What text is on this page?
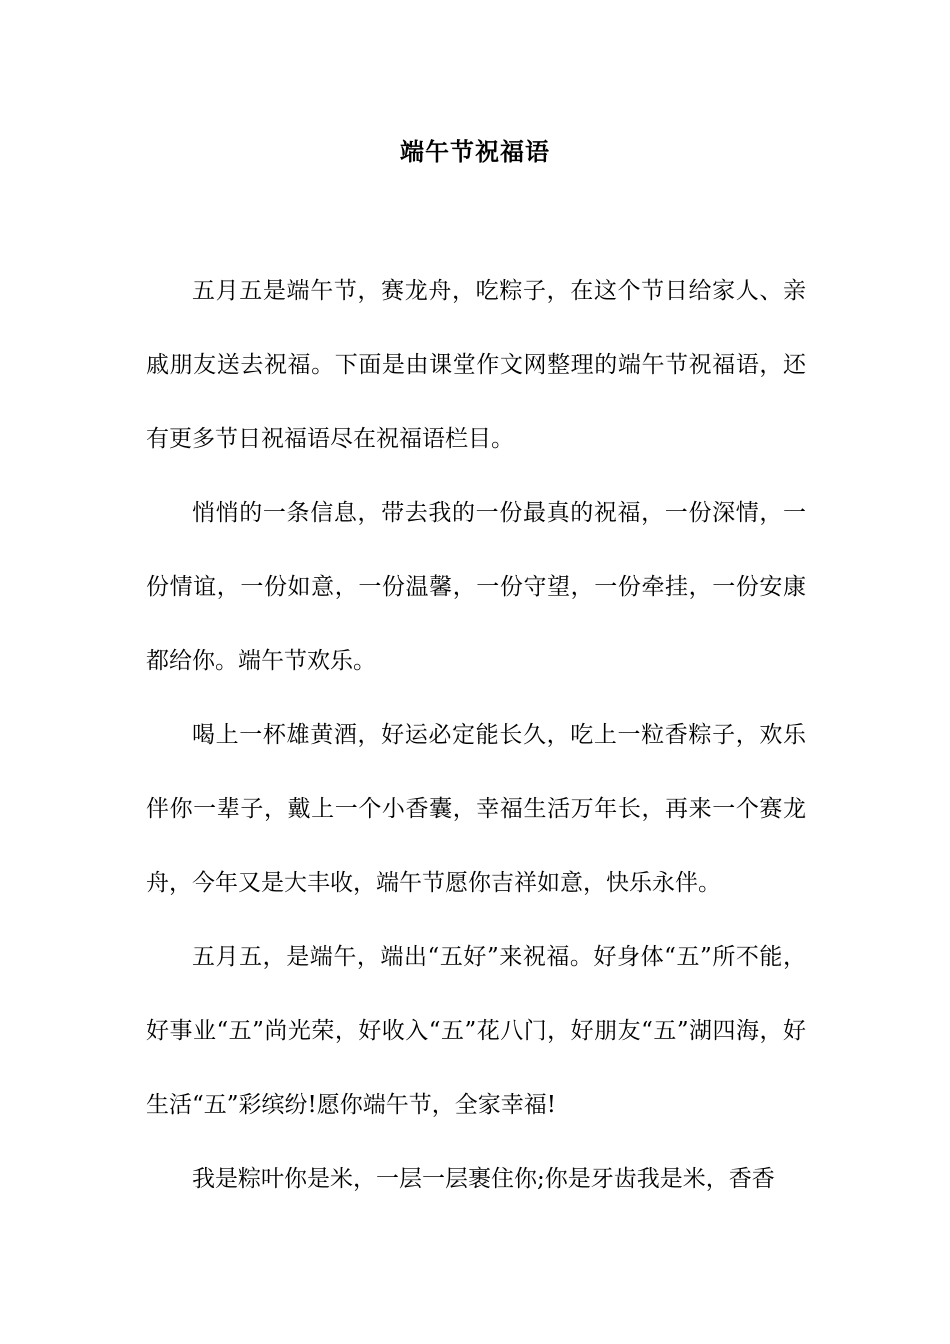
端午节祝福语

五月五是端午节，赛龙舟，吃粽子，在这个节日给家人、亲戚朋友送去祝福。下面是由课堂作文网整理的端午节祝福语，还有更多节日祝福语尽在祝福语栏目。

悄悄的一条信息，带去我的一份最真的祝福，一份深情，一份情谊，一份如意，一份温馨，一份守望，一份牵挂，一份安康都给你。端午节欢乐。

喝上一杯雄黄酒，好运必定能长久，吃上一粒香粽子，欢乐伴你一辈子，戴上一个小香囊，幸福生活万年长，再来一个赛龙舟，今年又是大丰收，端午节愿你吉祥如意，快乐永伴。

五月五，是端午，端出“五好”来祝福。好身体“五”所不能，好事业“五”尚光荣，好收入“五”花八门，好朋友“五”湖四海，好生活“五”彩缤纷!愿你端午节，全家幸福!

我是粽叶你是米，一层一层裹住你;你是牙齿我是米，香香
